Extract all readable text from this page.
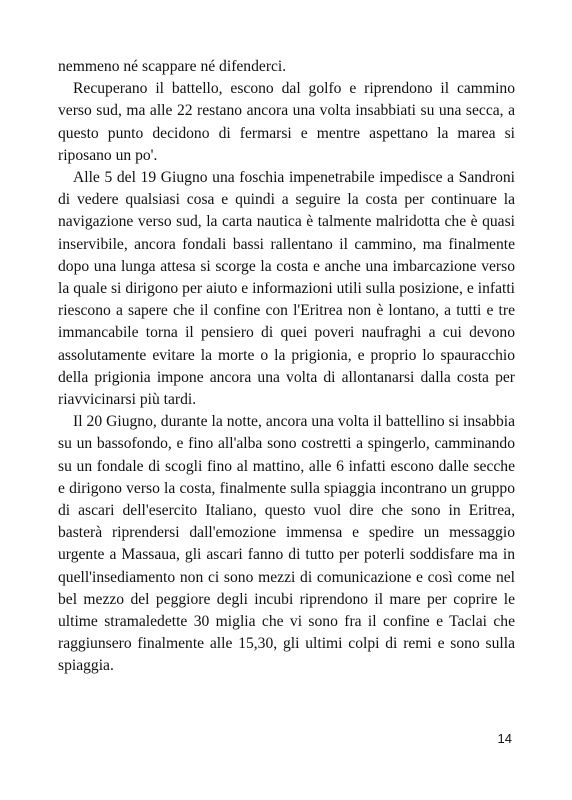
nemmeno né scappare né difenderci.

Recuperano il battello, escono dal golfo e riprendono il cammino verso sud, ma alle 22 restano ancora una volta insabbiati su una secca, a questo punto decidono di fermarsi e mentre aspettano la marea si riposano un po'.

Alle 5 del 19 Giugno una foschia impenetrabile impedisce a Sandroni di vedere qualsiasi cosa e quindi a seguire la costa per continuare la navigazione verso sud, la carta nautica è talmente malridotta che è quasi inservibile, ancora fondali bassi rallentano il cammino, ma finalmente dopo una lunga attesa si scorge la costa e anche una imbarcazione verso la quale si dirigono per aiuto e informazioni utili sulla posizione, e infatti riescono a sapere che il confine con l'Eritrea non è lontano, a tutti e tre immancabile torna il pensiero di quei poveri naufraghi a cui devono assolutamente evitare la morte o la prigionia, e proprio lo spauracchio della prigionia impone ancora una volta di allontanarsi dalla costa per riavvicinarsi più tardi.

Il 20 Giugno, durante la notte, ancora una volta il battellino si insabbia su un bassofondo, e fino all'alba sono costretti a spingerlo, camminando su un fondale di scogli fino al mattino, alle 6 infatti escono dalle secche e dirigono verso la costa, finalmente sulla spiaggia incontrano un gruppo di ascari dell'esercito Italiano, questo vuol dire che sono in Eritrea, basterà riprendersi dall'emozione immensa e spedire un messaggio urgente a Massaua, gli ascari fanno di tutto per poterli soddisfare ma in quell'insediamento non ci sono mezzi di comunicazione e così come nel bel mezzo del peggiore degli incubi riprendono il mare per coprire le ultime stramaledette 30 miglia che vi sono fra il confine e Taclai che raggiunsero finalmente alle 15,30, gli ultimi colpi di remi e sono sulla spiaggia.

14
